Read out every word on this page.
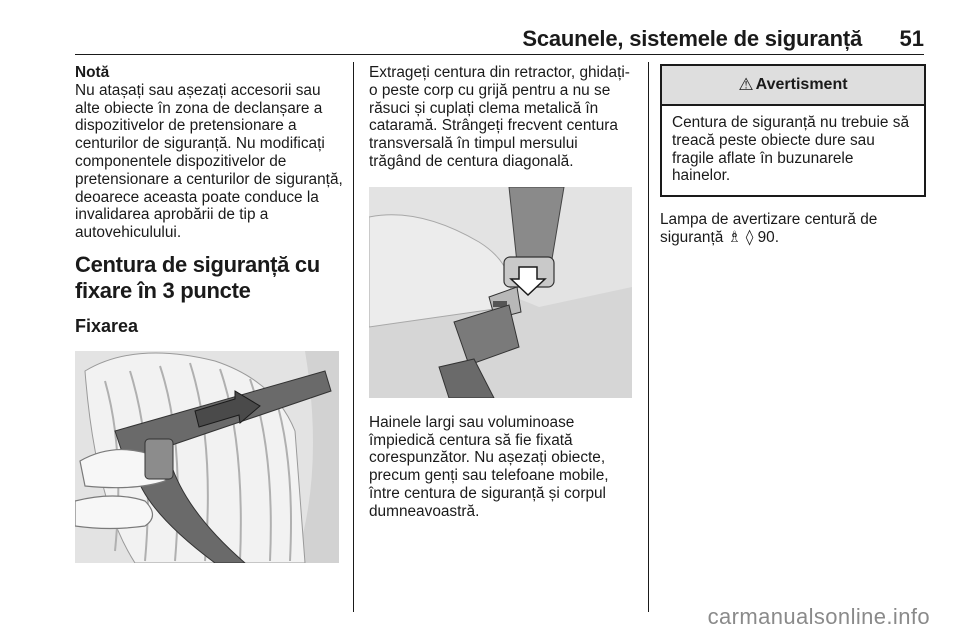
Scaunele, sistemele de siguranță 51

Notă

Nu atașați sau așezați accesorii sau alte obiecte în zona de declanșare a dispozitivelor de pretensionare a centurilor de siguranță. Nu modificați componentele dispozitivelor de pretensionare a centurilor de siguranță, deoarece aceasta poate conduce la invalidarea aprobării de tip a autovehiculului.

Centura de siguranță cu fixare în 3 puncte
Fixarea

Extrageți centura din retractor, ghidați-o peste corp cu grijă pentru a nu se răsuci și cuplați clema metalică în cataramă. Strângeți frecvent centura transversală în timpul mersului trăgând de centura diagonală.

Hainele largi sau voluminoase împiedică centura să fie fixată corespunzător. Nu așezați obiecte, precum genți sau telefoane mobile, între centura de siguranță și corpul dumneavoastră.

⚠ Avertisment
Centura de siguranță nu trebuie să treacă peste obiecte dure sau fragile aflate în buzunarele hainelor.

Lampa de avertizare centură de siguranță ♗ ◊ 90.

carmanualsonline.info
